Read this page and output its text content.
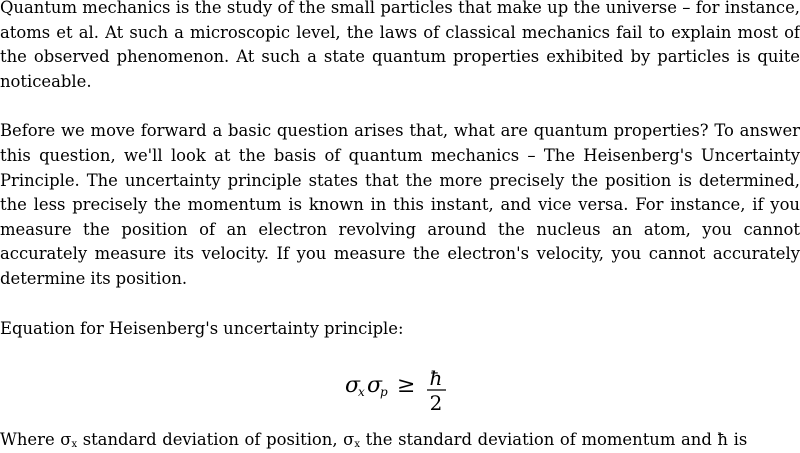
Quantum mechanics is the study of the small particles that make up the universe – for instance, atoms et al. At such a microscopic level, the laws of classical mechanics fail to explain most of the observed phenomenon. At such a state quantum properties exhibited by particles is quite noticeable.

Before we move forward a basic question arises that, what are quantum properties? To answer this question, we'll look at the basis of quantum mechanics – The Heisenberg's Uncertainty Principle. The uncertainty principle states that the more precisely the position is determined, the less precisely the momentum is known in this instant, and vice versa. For instance, if you measure the position of an electron revolving around the nucleus an atom, you cannot accurately measure its velocity. If you measure the electron's velocity, you cannot accurately determine its position.

Equation for Heisenberg's uncertainty principle:

σ
x σ
p ≥ ħ
2
Where $\sigma_x$ standard deviation of position, $\sigma_x$ the standard deviation of momentum and ħ is
